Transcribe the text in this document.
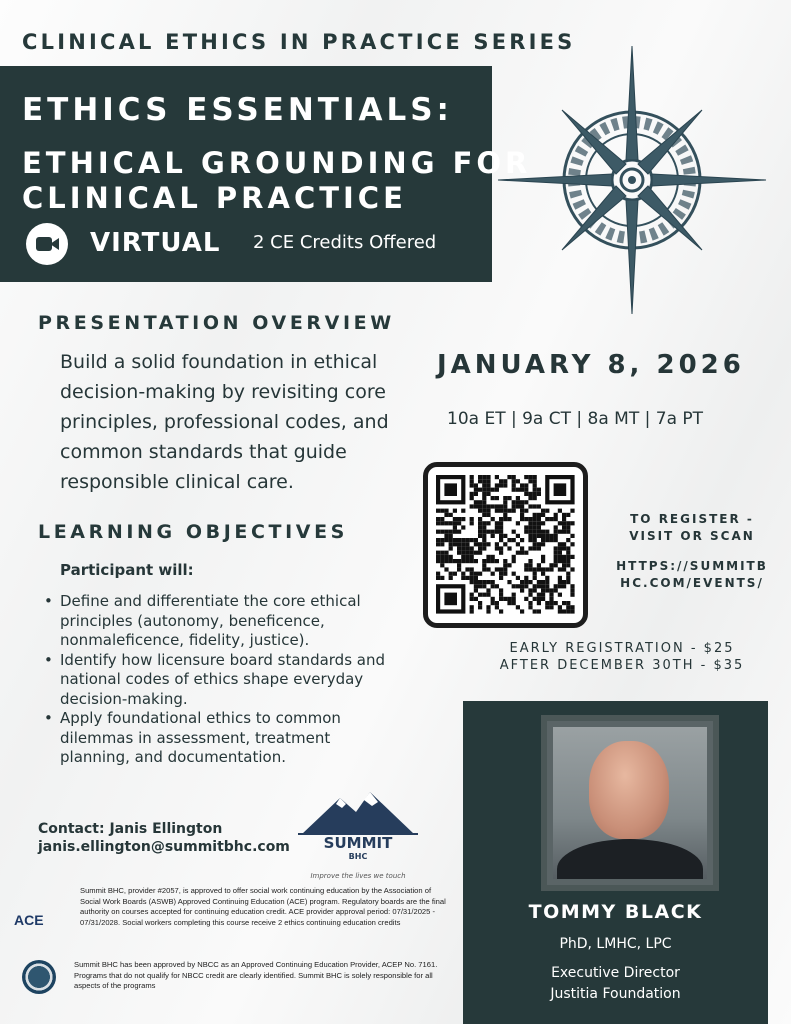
CLINICAL ETHICS IN PRACTICE SERIES
ETHICS ESSENTIALS:
ETHICAL GROUNDING FOR
CLINICAL PRACTICE
VIRTUAL 2 CE Credits Offered
PRESENTATION OVERVIEW
Build a solid foundation in ethical decision-making by revisiting core principles, professional codes, and common standards that guide responsible clinical care.
JANUARY 8, 2026
10a ET | 9a CT | 8a MT | 7a PT
TO REGISTER -
VISIT OR SCAN
HTTPS://SUMMITB
HC.COM/EVENTS/
EARLY REGISTRATION - $25
AFTER DECEMBER 30TH - $35
LEARNING OBJECTIVES
Participant will:
• Define and differentiate the core ethical principles (autonomy, beneficence, nonmaleficence, fidelity, justice).
• Identify how licensure board standards and national codes of ethics shape everyday decision-making.
• Apply foundational ethics to common dilemmas in assessment, treatment planning, and documentation.
Contact: Janis Ellington
janis.ellington@summitbhc.com	SUMMIT
BHC
Improve the lives we touch
ACE
Summit BHC, provider #2057, is approved to offer social work continuing education by the Association of Social Work Boards (ASWB) Approved Continuing Education (ACE) program. Regulatory boards are the final authority on courses accepted for continuing education credit. ACE provider approval period: 07/31/2025 - 07/31/2028. Social workers completing this course receive 2 ethics continuing education credits
Summit BHC has been approved by NBCC as an Approved Continuing Education Provider, ACEP No. 7161. Programs that do not qualify for NBCC credit are clearly identified. Summit BHC is solely responsible for all aspects of the programs
TOMMY BLACK
PhD, LMHC, LPC
Executive Director
Justitia Foundation
